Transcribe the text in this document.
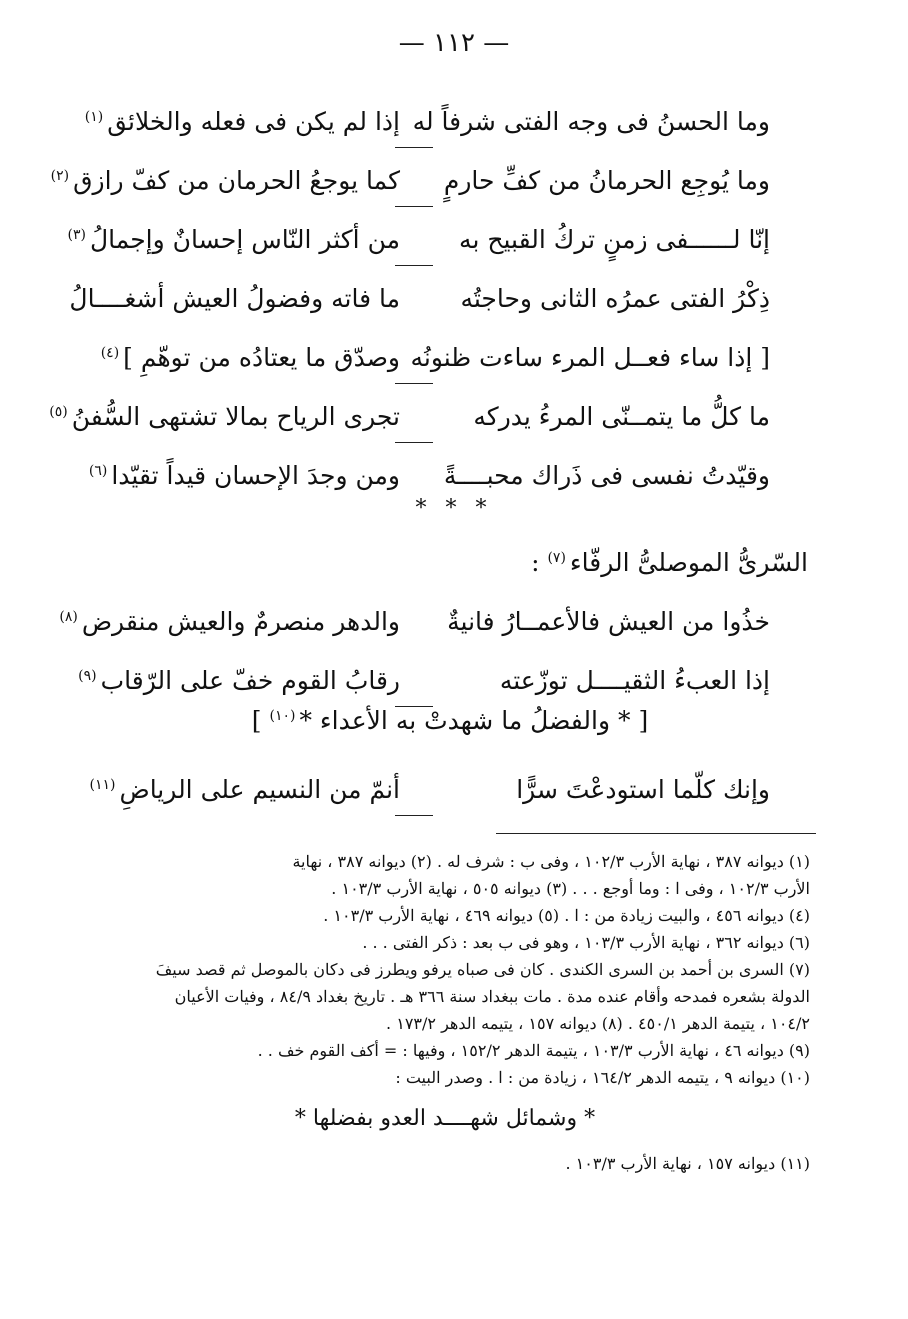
— ١١٢ —
وما الحسنُ فى وجه الفتى شرفاً له
إذا لم يكن فى فعله والخلائق$^{(١)}$
وما يُوجِع الحرمانُ من كفِّ حارمٍ
كما يوجعُ الحرمان من كفّ رازق$^{(٢)}$
إنّا لــــــفى زمنٍ تركُ القبيح به
من أكثر النّاس إحسانٌ وإجمالُ$^{(٣)}$
ذِكْرُ الفتى عمرُه الثانى وحاجتُه
ما فاته وفضولُ العيش أشغــــالُ
[ إذا ساء فعــل المرء ساءت ظنونُه
وصدّق ما يعتادُه من توهّمِ ]$^{(٤)}$
ما كلُّ ما يتمــنّى المرءُ يدركه
تجرى الرياح بمالا تشتهى السُّفنُ$^{(٥)}$
وقيّدتُ نفسى فى ذَراك محبــــةً
ومن وجدَ الإحسان قيداً تقيّدا$^{(٦)}$
* * *
السّرىُّ الموصلىُّ الرفّاء$^{(٧)}$ :
خذُوا من العيش فالأعمــارُ فانيةٌ
والدهر منصرمٌ والعيش منقرض$^{(٨)}$
إذا العبءُ الثقيــــل توزّعته
رقابُ القوم خفّ على الرّقاب$^{(٩)}$
[ * والفضلُ ما شهدتْ به الأعداء *$^{(١٠)}$ ]
وإنك كلّما استودعْتَ سرًّا
أنمّ من النسيم على الرياضِ$^{(١١)}$
(١) ديوانه ٣٨٧ ، نهاية الأرب ١٠٢/٣ ، وفى ب : شرف له . (٢) ديوانه ٣٨٧ ، نهاية
الأرب ١٠٢/٣ ، وفى ا : وما أوجع . . . (٣) ديوانه ٥٠٥ ، نهاية الأرب ١٠٣/٣ .
(٤) ديوانه ٤٥٦ ، والبيت زيادة من : ا . (٥) ديوانه ٤٦٩ ، نهاية الأرب ١٠٣/٣ .
(٦) ديوانه ٣٦٢ ، نهاية الأرب ١٠٣/٣ ، وهو فى ب بعد : ذكر الفتى . . .
(٧) السرى بن أحمد بن السرى الكندى . كان فى صباه يرفو ويطرز فى دكان بالموصل ثم قصد سيفَ
الدولة بشعره فمدحه وأقام عنده مدة . مات ببغداد سنة ٣٦٦ هـ . تاريخ بغداد ٨٤/٩ ، وفيات الأعيان
١٠٤/٢ ، يتيمة الدهر ٤٥٠/١ . (٨) ديوانه ١٥٧ ، يتيمه الدهر ١٧٣/٢ .
(٩) ديوانه ٤٦ ، نهاية الأرب ١٠٣/٣ ، يتيمة الدهر ١٥٢/٢ ، وفيها : = أكف القوم خف . .
(١٠) ديوانه ٩ ، يتيمه الدهر ١٦٤/٢ ، زيادة من : ا . وصدر البيت :
* وشمائل شهــــد العدو بفضلها *
(١١) ديوانه ١٥٧ ، نهاية الأرب ١٠٣/٣ .
